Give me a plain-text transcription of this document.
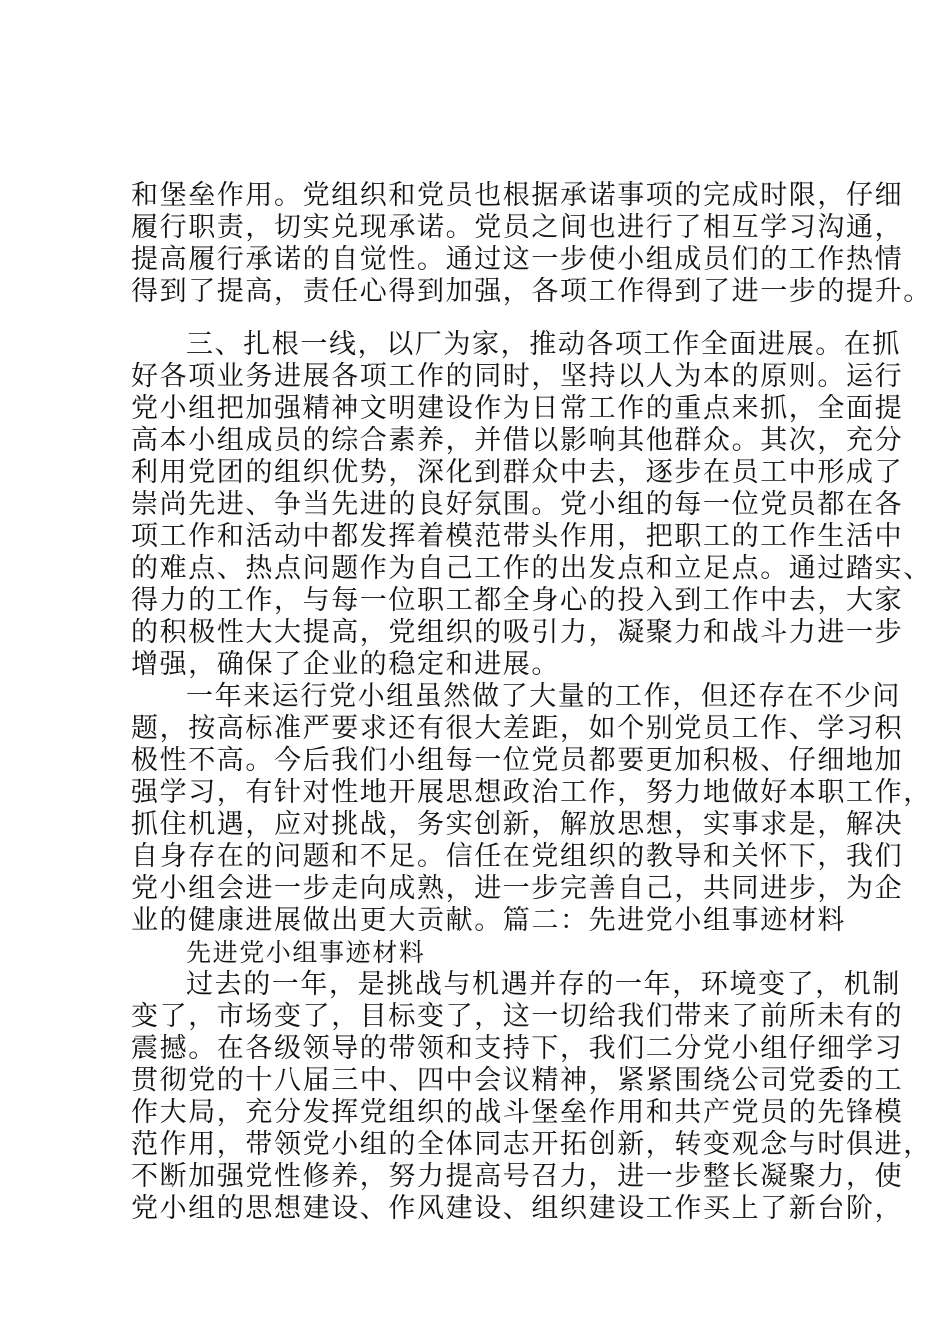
和堡垒作用。党组织和党员也根据承诺事项的完成时限，仔细
履行职责，切实兑现承诺。党员之间也进行了相互学习沟通，
提高履行承诺的自觉性。通过这一步使小组成员们的工作热情
得到了提高，责任心得到加强，各项工作得到了进一步的提升。
三、扎根一线，以厂为家，推动各项工作全面进展。在抓
好各项业务进展各项工作的同时，坚持以人为本的原则。运行
党小组把加强精神文明建设作为日常工作的重点来抓，全面提
高本小组成员的综合素养，并借以影响其他群众。其次，充分
利用党团的组织优势，深化到群众中去，逐步在员工中形成了
崇尚先进、争当先进的良好氛围。党小组的每一位党员都在各
项工作和活动中都发挥着模范带头作用，把职工的工作生活中
的难点、热点问题作为自己工作的出发点和立足点。通过踏实、
得力的工作，与每一位职工都全身心的投入到工作中去，大家
的积极性大大提高，党组织的吸引力，凝聚力和战斗力进一步
增强，确保了企业的稳定和进展。
一年来运行党小组虽然做了大量的工作，但还存在不少问
题，按高标准严要求还有很大差距，如个别党员工作、学习积
极性不高。今后我们小组每一位党员都要更加积极、仔细地加
强学习，有针对性地开展思想政治工作，努力地做好本职工作，
抓住机遇，应对挑战，务实创新，解放思想，实事求是，解决
自身存在的问题和不足。信任在党组织的教导和关怀下，我们
党小组会进一步走向成熟，进一步完善自己，共同进步，为企
业的健康进展做出更大贡献。篇二：先进党小组事迹材料
先进党小组事迹材料
过去的一年，是挑战与机遇并存的一年，环境变了，机制
变了，市场变了，目标变了，这一切给我们带来了前所未有的
震撼。在各级领导的带领和支持下，我们二分党小组仔细学习
贯彻党的十八届三中、四中会议精神，紧紧围绕公司党委的工
作大局，充分发挥党组织的战斗堡垒作用和共产党员的先锋模
范作用，带领党小组的全体同志开拓创新，转变观念与时俱进，
不断加强党性修养，努力提高号召力，进一步整长凝聚力，使
党小组的思想建设、作风建设、组织建设工作买上了新台阶，
